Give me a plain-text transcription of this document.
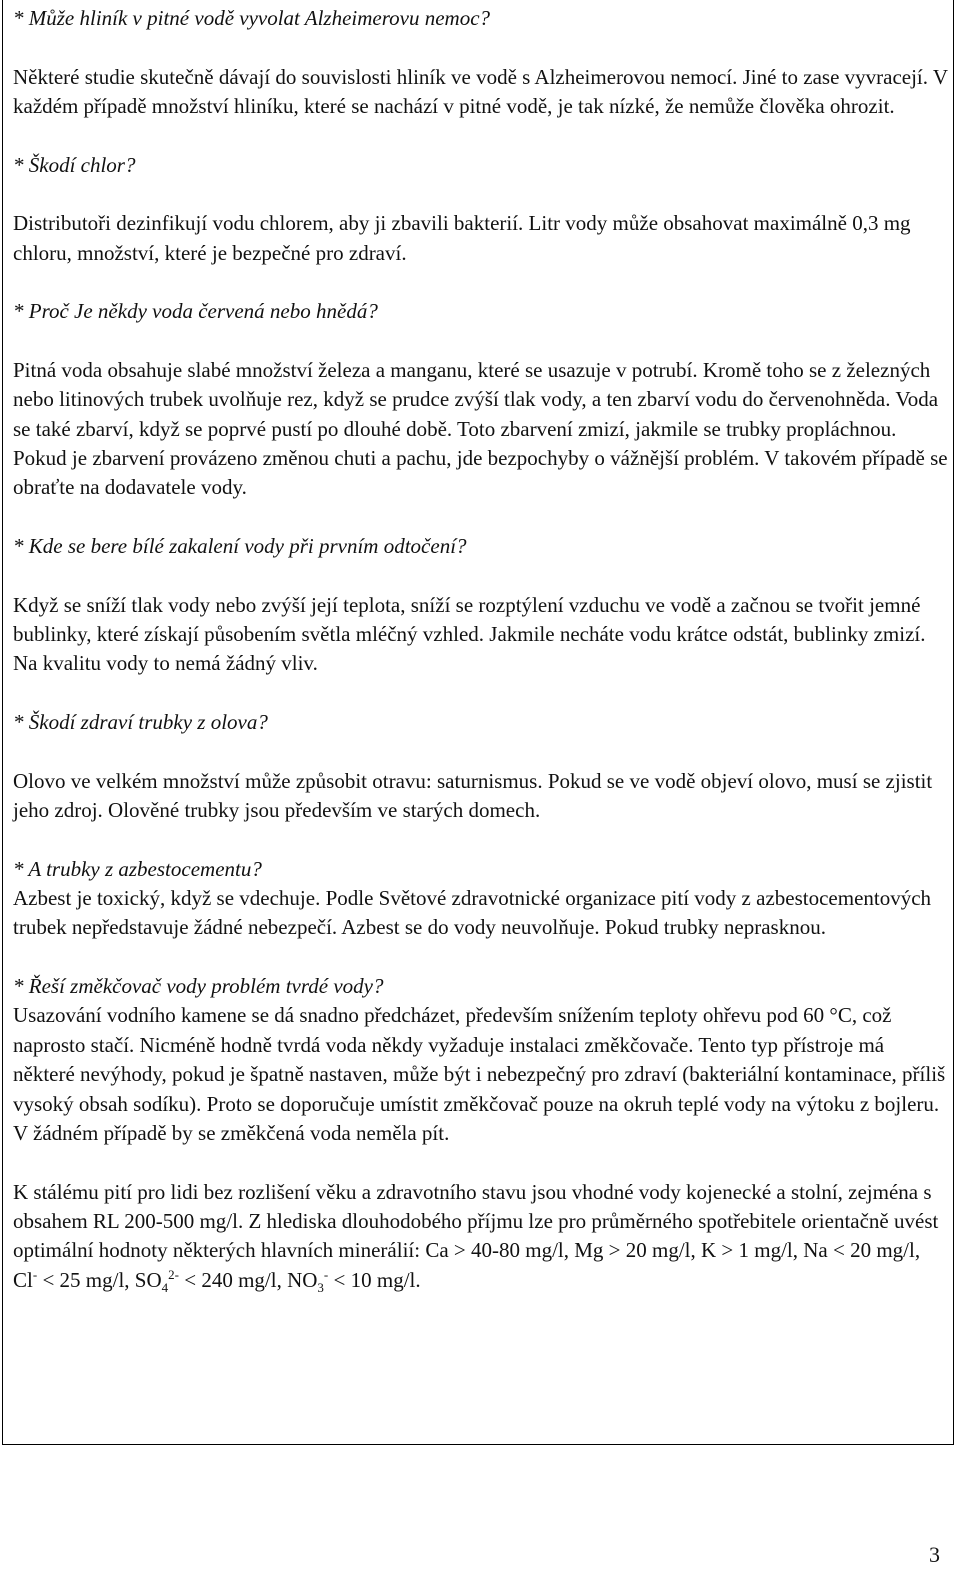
* Může hliník v pitné vodě vyvolat Alzheimerovu nemoc?

Některé studie skutečně dávají do souvislosti hliník ve vodě s Alzheimerovou nemocí. Jiné to zase vyvracejí. V každém případě množství hliníku, které se nachází v pitné vodě, je tak nízké, že nemůže člověka ohrozit.

* Škodí chlor?

Distributoři dezinfikují vodu chlorem, aby ji zbavili bakterií. Litr vody může obsahovat maximálně 0,3 mg chloru, množství, které je bezpečné pro zdraví.

* Proč Je někdy voda červená nebo hnědá?

Pitná voda obsahuje slabé množství železa a manganu, které se usazuje v potrubí. Kromě toho se z železných nebo litinových trubek uvolňuje rez, když se prudce zvýší tlak vody, a ten zbarví vodu do červenohněda. Voda se také zbarví, když se poprvé pustí po dlouhé době. Toto zbarvení zmizí, jakmile se trubky propláchnou. Pokud je zbarvení provázeno změnou chuti a pachu, jde bezpochyby o vážnější problém. V takovém případě se obraťte na dodavatele vody.

* Kde se bere bílé zakalení vody při prvním odtočení?

Když se sníží tlak vody nebo zvýší její teplota, sníží se rozptýlení vzduchu ve vodě a začnou se tvořit jemné bublinky, které získají působením světla mléčný vzhled. Jakmile necháte vodu krátce odstát, bublinky zmizí. Na kvalitu vody to nemá žádný vliv.

* Škodí zdraví trubky z olova?

Olovo ve velkém množství může způsobit otravu: saturnismus. Pokud se ve vodě objeví olovo, musí se zjistit jeho zdroj. Olověné trubky jsou především ve starých domech.

* A trubky z azbestocementu?

Azbest je toxický, když se vdechuje. Podle Světové zdravotnické organizace pití vody z azbestocementových trubek nepředstavuje žádné nebezpečí. Azbest se do vody neuvolňuje. Pokud trubky neprasknou.

* Řeší změkčovač vody problém tvrdé vody?

Usazování vodního kamene se dá snadno předcházet, především snížením teploty ohřevu pod 60 °C, což naprosto stačí. Nicméně hodně tvrdá voda někdy vyžaduje instalaci změkčovače. Tento typ přístroje má některé nevýhody, pokud je špatně nastaven, může být i nebezpečný pro zdraví (bakteriální kontaminace, příliš vysoký obsah sodíku). Proto se doporučuje umístit změkčovač pouze na okruh teplé vody na výtoku z bojleru. V žádném případě by se změkčená voda neměla pít.

K stálému pití pro lidi bez rozlišení věku a zdravotního stavu jsou vhodné vody kojenecké a stolní, zejména s obsahem RL 200-500 mg/l. Z hlediska dlouhodobého příjmu lze pro průměrného spotřebitele orientačně uvést optimální hodnoty některých hlavních minerálií: Ca > 40-80 mg/l, Mg > 20 mg/l, K > 1 mg/l, Na < 20 mg/l, Cl- < 25 mg/l, $SO_4^{2-} < 240$ mg/l, $NO_3^- < 10$ mg/l.

3
